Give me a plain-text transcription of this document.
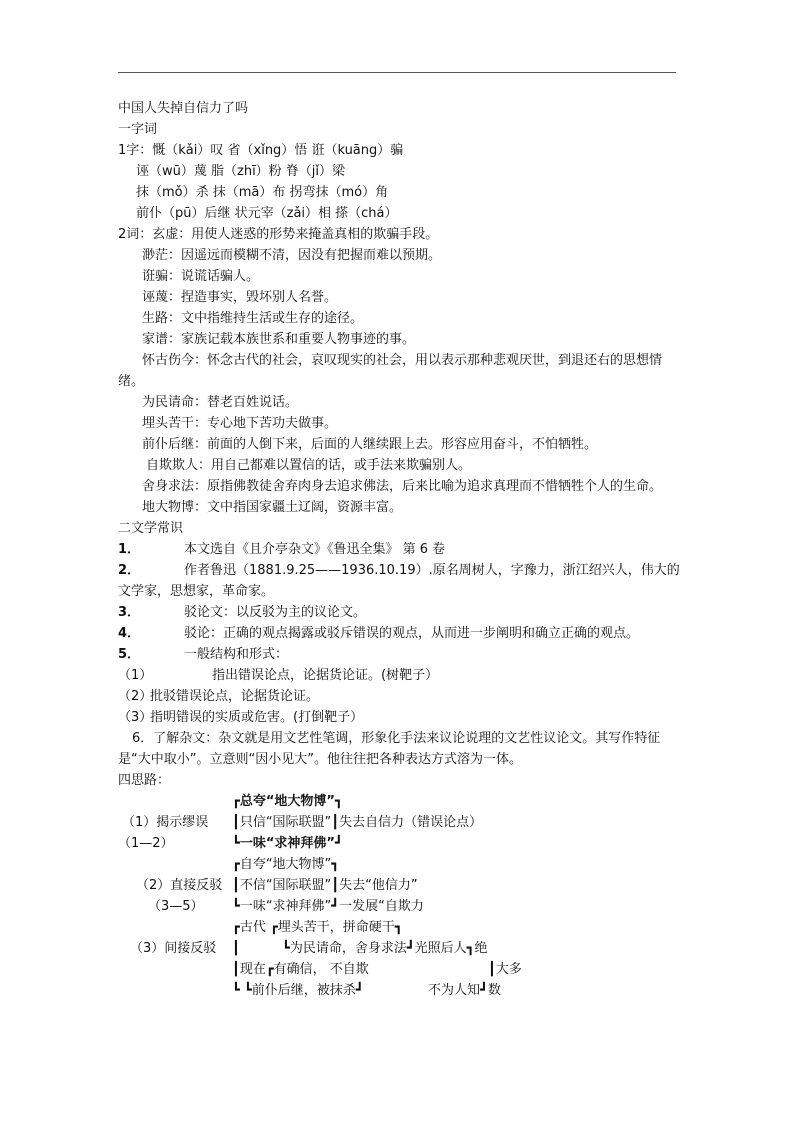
中国人失掉自信力了吗
一字词
1字：慨（kǎi）叹 省（xǐng）悟 诳（kuāng）骗
诬（wū）蔑 脂（zhī）粉 脊（jǐ）梁
抹（mǒ）杀 抹（mā）布 拐弯抹（mó）角
前仆（pū）后继 状元宰（zǎi）相 搽（chá）
2词：玄虚：用使人迷惑的形势来掩盖真相的欺骗手段。
渺茫：因遥远而模糊不清，因没有把握而难以预期。
诳骗：说谎话骗人。
诬蔑：捏造事实，毁坏别人名誉。
生路：文中指维持生活或生存的途径。
家谱：家族记载本族世系和重要人物事迹的事。
怀古伤今：怀念古代的社会，哀叹现实的社会，用以表示那种悲观厌世，到退还右的思想情绪。
为民请命：替老百姓说话。
埋头苦干：专心地下苦功夫做事。
前仆后继：前面的人倒下来，后面的人继续跟上去。形容应用奋斗，不怕牺牲。
自欺欺人：用自己都难以置信的话，或手法来欺骗别人。
舍身求法：原指佛教徒舍弃肉身去追求佛法，后来比喻为追求真理而不惜牺牲个人的生命。
地大物博：文中指国家疆土辽阔，资源丰富。
二文学常识
1．	本文选自《且介亭杂文》《鲁迅全集》 第 6 卷
2．	作者鲁迅（1881.9.25——1936.10.19）.原名周树人，字豫力，浙江绍兴人，伟大的文学家，思想家，革命家。
3．	驳论文：以反驳为主的议论文。
4．	驳论：正确的观点揭露或驳斥错误的观点，从而进一步阐明和确立正确的观点。
5．	一般结构和形式：
（1）	指出错误论点，论据货论证。(树靶子）
（2）批驳错误论点，论据货论证。
（3）指明错误的实质或危害。(打倒靶子）
6．了解杂文：杂文就是用文艺性笔调，形象化手法来议论说理的文艺性议论文。其写作特征是“大中取小”。立意则“因小见大”。他往往把各种表达方式溶为一体。
四思路：
┏总夸“地大物博”┓
（1）揭示缪误 ┃只信“国际联盟”┃失去自信力（错误论点）
（1—2）	┗一味“求神拜佛”┛
┏自夸“地大物博”┓
（2）直接反驳 ┃不信“国际联盟”┃失去“他信力”
（3—5） ┗一味“求神拜佛”┛一发展“自欺力
┏古代 ┏埋头苦干，拼命硬干┓
（3）间接反驳 ┃	┗为民请命，舍身求法┛光照后人┓绝
┃现在┏有确信， 不自欺	┃大多
┗ ┗前仆后继，被抹杀┛	不为人知┛数
